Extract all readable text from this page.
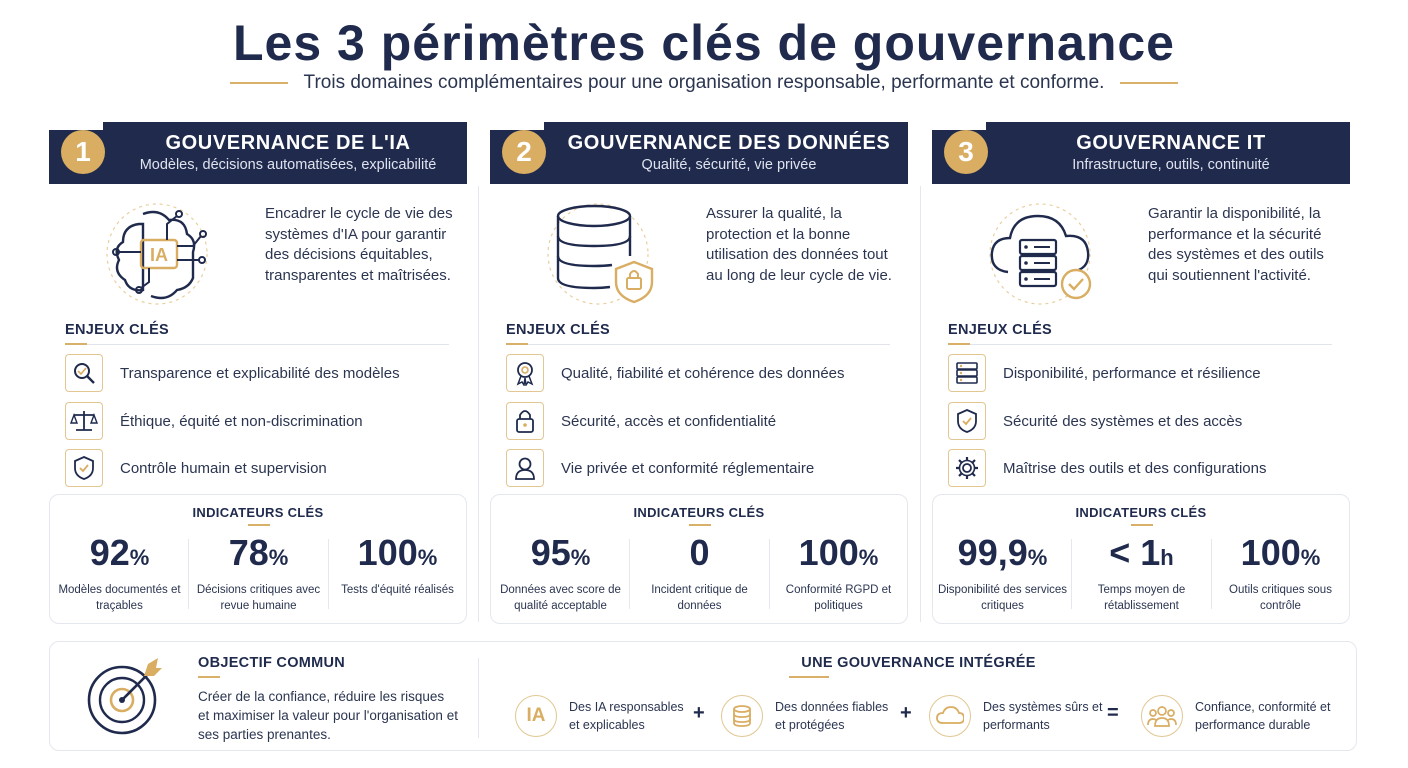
Les 3 périmètres clés de gouvernance
Trois domaines complémentaires pour une organisation responsable, performante et conforme.
1	GOUVERNANCE DE L'IA
Modèles, décisions automatisées, explicabilité
IA
Encadrer le cycle de vie des systèmes d'IA pour garantir des décisions équitables, transparentes et maîtrisées.
ENJEUX CLÉS
Transparence et explicabilité des modèles
Éthique, équité et non-discrimination
Contrôle humain et supervision
INDICATEURS CLÉS
92%
Modèles documentés et traçables
78%
Décisions critiques avec revue humaine
100%
Tests d'équité réalisés
2	GOUVERNANCE DES DONNÉES
Qualité, sécurité, vie privée
Assurer la qualité, la protection et la bonne utilisation des données tout au long de leur cycle de vie.
ENJEUX CLÉS
Qualité, fiabilité et cohérence des données
Sécurité, accès et confidentialité
Vie privée et conformité réglementaire
INDICATEURS CLÉS
95%
Données avec score de qualité acceptable
0
Incident critique de données
100%
Conformité RGPD et politiques
3	GOUVERNANCE IT
Infrastructure, outils, continuité
Garantir la disponibilité, la performance et la sécurité des systèmes et des outils qui soutiennent l'activité.
ENJEUX CLÉS
Disponibilité, performance et résilience
Sécurité des systèmes et des accès
Maîtrise des outils et des configurations
INDICATEURS CLÉS
99,9%
Disponibilité des services critiques
< 1h
Temps moyen de rétablissement
100%
Outils critiques sous contrôle
OBJECTIF COMMUN
Créer de la confiance, réduire les risques et maximiser la valeur pour l'organisation et ses parties prenantes.
UNE GOUVERNANCE INTÉGRÉE
IA Des IA responsables et explicables
+	Des données fiables et protégées
+	Des systèmes sûrs et performants
=	Confiance, conformité et performance durable
